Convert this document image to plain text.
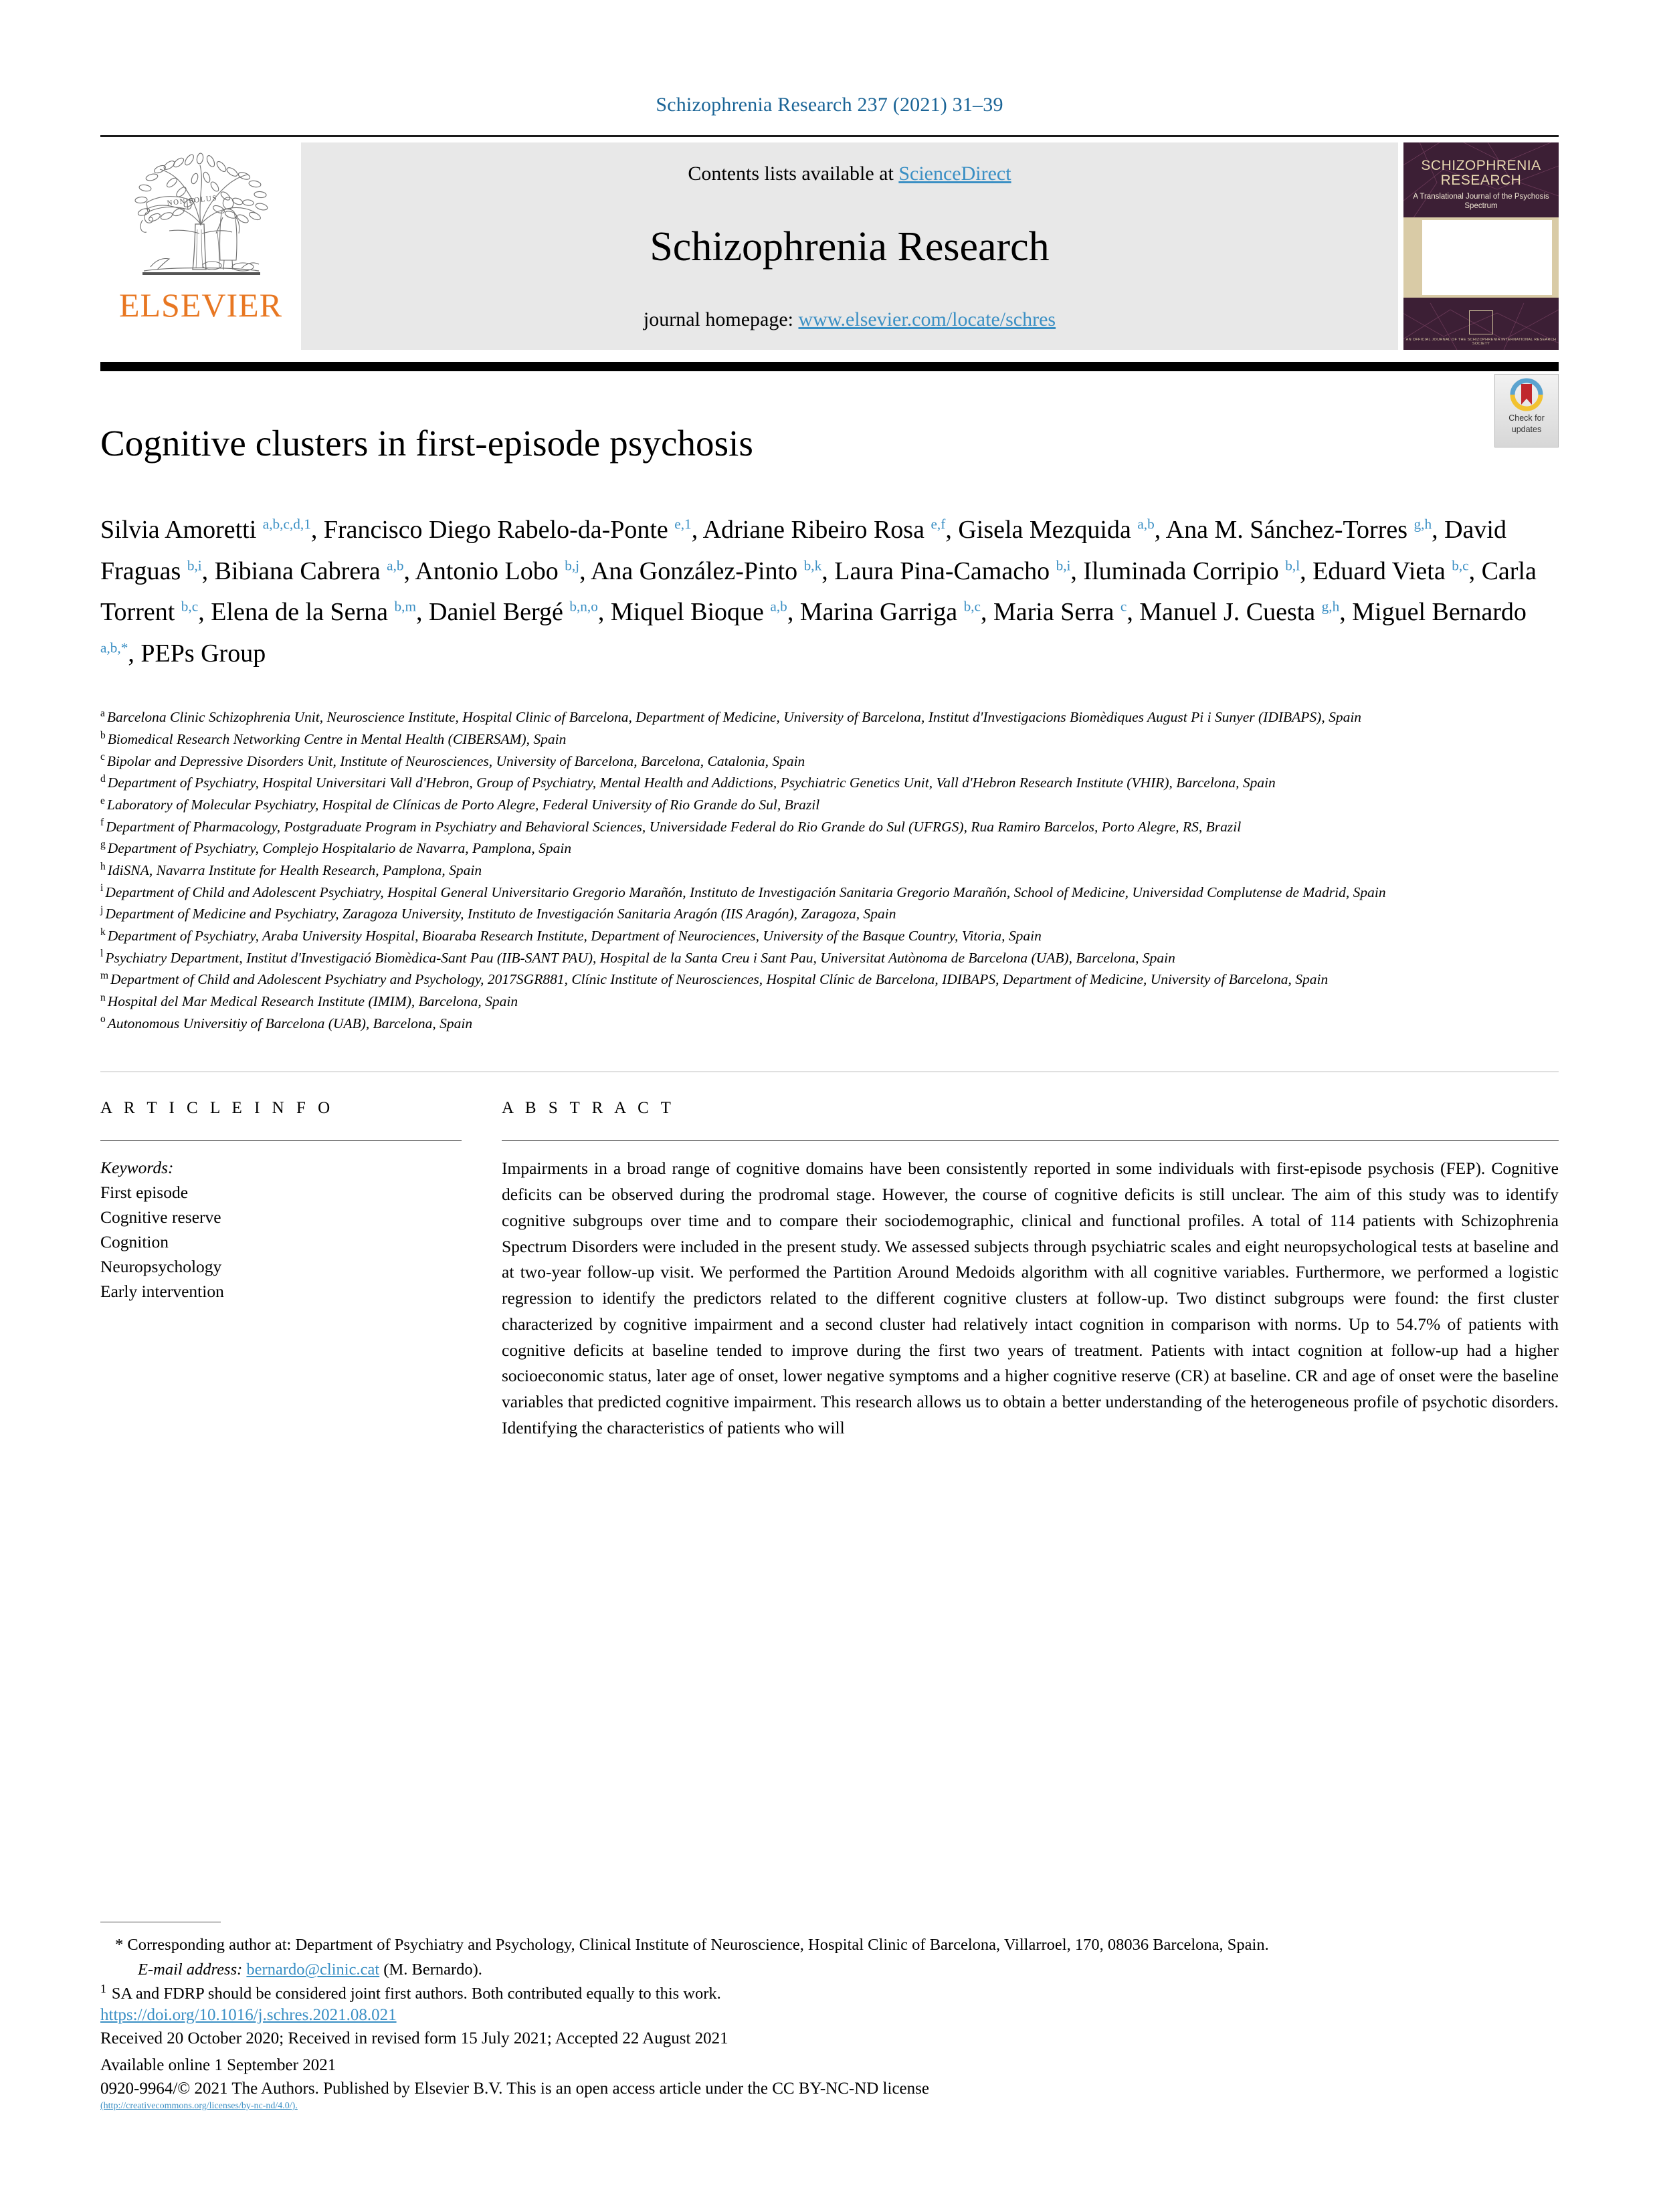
Schizophrenia Research 237 (2021) 31–39
NON SOLUS
ELSEVIER
Contents lists available at ScienceDirect
Schizophrenia Research
journal homepage: www.elsevier.com/locate/schres
SCHIZOPHRENIA
RESEARCH
A Translational Journal of the Psychosis Spectrum
AN OFFICIAL JOURNAL OF THE SCHIZOPHRENIA INTERNATIONAL RESEARCH SOCIETY
Check for
updates
Cognitive clusters in first-episode psychosis
Silvia Amoretti $^{a,b,c,d,1}$, Francisco Diego Rabelo-da-Ponte $^{e,1}$, Adriane Ribeiro Rosa $^{e,f}$, Gisela Mezquida $^{a,b}$, Ana M. Sánchez-Torres $^{g,h}$, David Fraguas $^{b,i}$, Bibiana Cabrera $^{a,b}$, Antonio Lobo $^{b,j}$, Ana González-Pinto $^{b,k}$, Laura Pina-Camacho $^{b,i}$, Iluminada Corripio $^{b,l}$, Eduard Vieta $^{b,c}$, Carla Torrent $^{b,c}$, Elena de la Serna $^{b,m}$, Daniel Bergé $^{b,n,o}$, Miquel Bioque $^{a,b}$, Marina Garriga $^{b,c}$, Maria Serra $^c$, Manuel J. Cuesta $^{g,h}$, Miguel Bernardo $^{a,b,*}$, PEPs Group
$^a$ Barcelona Clinic Schizophrenia Unit, Neuroscience Institute, Hospital Clinic of Barcelona, Department of Medicine, University of Barcelona, Institut d'Investigacions Biomèdiques August Pi i Sunyer (IDIBAPS), Spain
$^b$ Biomedical Research Networking Centre in Mental Health (CIBERSAM), Spain
$^c$ Bipolar and Depressive Disorders Unit, Institute of Neurosciences, University of Barcelona, Barcelona, Catalonia, Spain
$^d$ Department of Psychiatry, Hospital Universitari Vall d'Hebron, Group of Psychiatry, Mental Health and Addictions, Psychiatric Genetics Unit, Vall d'Hebron Research Institute (VHIR), Barcelona, Spain
$^e$ Laboratory of Molecular Psychiatry, Hospital de Clínicas de Porto Alegre, Federal University of Rio Grande do Sul, Brazil
$^f$ Department of Pharmacology, Postgraduate Program in Psychiatry and Behavioral Sciences, Universidade Federal do Rio Grande do Sul (UFRGS), Rua Ramiro Barcelos, Porto Alegre, RS, Brazil
$^g$ Department of Psychiatry, Complejo Hospitalario de Navarra, Pamplona, Spain
$^h$ IdiSNA, Navarra Institute for Health Research, Pamplona, Spain
$^i$ Department of Child and Adolescent Psychiatry, Hospital General Universitario Gregorio Marañón, Instituto de Investigación Sanitaria Gregorio Marañón, School of Medicine, Universidad Complutense de Madrid, Spain
$^j$ Department of Medicine and Psychiatry, Zaragoza University, Instituto de Investigación Sanitaria Aragón (IIS Aragón), Zaragoza, Spain
$^k$ Department of Psychiatry, Araba University Hospital, Bioaraba Research Institute, Department of Neurociences, University of the Basque Country, Vitoria, Spain
$^l$ Psychiatry Department, Institut d'Investigació Biomèdica-Sant Pau (IIB-SANT PAU), Hospital de la Santa Creu i Sant Pau, Universitat Autònoma de Barcelona (UAB), Barcelona, Spain
$^m$ Department of Child and Adolescent Psychiatry and Psychology, 2017SGR881, Clínic Institute of Neurosciences, Hospital Clínic de Barcelona, IDIBAPS, Department of Medicine, University of Barcelona, Spain
$^n$ Hospital del Mar Medical Research Institute (IMIM), Barcelona, Spain
$^o$ Autonomous Universitiy of Barcelona (UAB), Barcelona, Spain
A R T I C L E I N F O
Keywords:
First episode
Cognitive reserve
Cognition
Neuropsychology
Early intervention
A B S T R A C T
Impairments in a broad range of cognitive domains have been consistently reported in some individuals with first-episode psychosis (FEP). Cognitive deficits can be observed during the prodromal stage. However, the course of cognitive deficits is still unclear. The aim of this study was to identify cognitive subgroups over time and to compare their sociodemographic, clinical and functional profiles. A total of 114 patients with Schizophrenia Spectrum Disorders were included in the present study. We assessed subjects through psychiatric scales and eight neuropsychological tests at baseline and at two-year follow-up visit. We performed the Partition Around Medoids algorithm with all cognitive variables. Furthermore, we performed a logistic regression to identify the predictors related to the different cognitive clusters at follow-up. Two distinct subgroups were found: the first cluster characterized by cognitive impairment and a second cluster had relatively intact cognition in comparison with norms. Up to 54.7% of patients with cognitive deficits at baseline tended to improve during the first two years of treatment. Patients with intact cognition at follow-up had a higher socioeconomic status, later age of onset, lower negative symptoms and a higher cognitive reserve (CR) at baseline. CR and age of onset were the baseline variables that predicted cognitive impairment. This research allows us to obtain a better understanding of the heterogeneous profile of psychotic disorders. Identifying the characteristics of patients who will
* Corresponding author at: Department of Psychiatry and Psychology, Clinical Institute of Neuroscience, Hospital Clinic of Barcelona, Villarroel, 170, 08036 Barcelona, Spain.
E-mail address: bernardo@clinic.cat (M. Bernardo).
$^1$ SA and FDRP should be considered joint first authors. Both contributed equally to this work.
https://doi.org/10.1016/j.schres.2021.08.021
Received 20 October 2020; Received in revised form 15 July 2021; Accepted 22 August 2021
Available online 1 September 2021
0920-9964/© 2021 The Authors. Published by Elsevier B.V. This is an open access article under the CC BY-NC-ND license
(http://creativecommons.org/licenses/by-nc-nd/4.0/).
